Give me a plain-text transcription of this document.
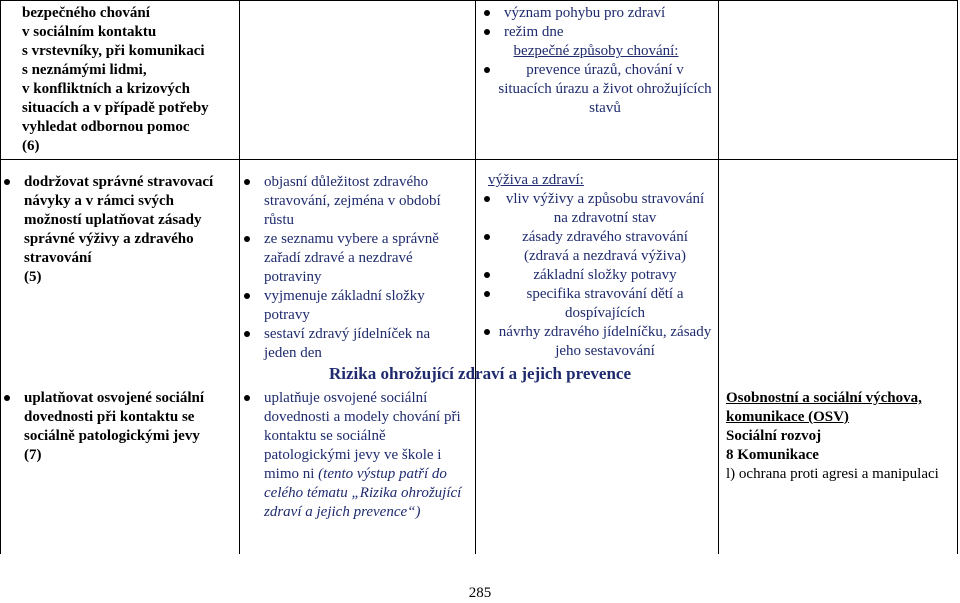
bezpečného chování
v sociálním kontaktu
s vrstevníky, při komunikaci
s neznámými lidmi,
v konfliktních a krizových
situacích a v případě potřeby
vyhledat odbornou pomoc
(6)
význam pohybu pro zdraví
režim dne
bezpečné způsoby chování:
prevence úrazů, chování v situacích úrazu a život ohrožujících stavů
dodržovat správné stravovací návyky a v rámci svých možností uplatňovat zásady správné výživy a zdravého stravování
(5)
objasní důležitost zdravého stravování, zejména v období růstu
ze seznamu vybere a správně zařadí zdravé a nezdravé potraviny
vyjmenuje základní složky potravy
sestaví zdravý jídelníček na jeden den
výživa a zdraví:
vliv výživy a způsobu stravování na zdravotní stav
zásady zdravého stravování (zdravá a nezdravá výživa)
základní složky potravy
specifika stravování dětí a dospívajících
návrhy zdravého jídelníčku, zásady jeho sestavování
Rizika ohrožující zdraví a jejich prevence
uplatňovat osvojené sociální dovednosti při kontaktu se sociálně patologickými jevy
(7)
uplatňuje osvojené sociální dovednosti a modely chování při kontaktu se sociálně patologickými jevy ve škole i mimo ni (tento výstup patří do celého tématu „Rizika ohrožující zdraví a jejich prevence“)
Osobnostní a sociální výchova, komunikace (OSV)
Sociální rozvoj
8 Komunikace
l) ochrana proti agresi a manipulaci
285
